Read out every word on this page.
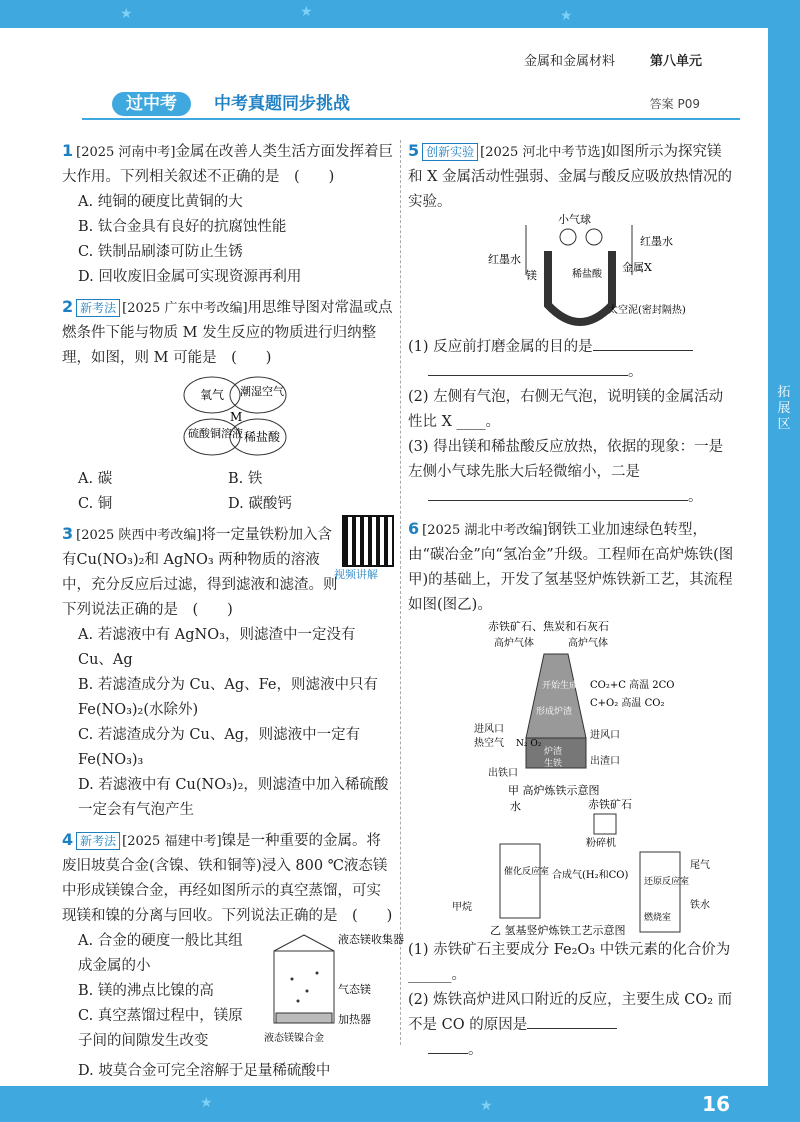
★	★	★
★	★
金属和金属材料	第八单元
过中考	中考真题同步挑战	答案 P09
拓展区
1 [2025 河南中考]金属在改善人类生活方面发挥着巨大作用。下列相关叙述不正确的是　(　　)
A. 纯铜的硬度比黄铜的大
B. 钛合金具有良好的抗腐蚀性能
C. 铁制品刷漆可防止生锈
D. 回收废旧金属可实现资源再利用
2 新考法 [2025 广东中考改编]用思维导图对常温或点燃条件下能与物质 M 发生反应的物质进行归纳整理，如图，则 M 可能是　(　　)
氧气 潮湿空气
硫酸铜溶液 稀盐酸
M
A. 碳	B. 铁
C. 铜	D. 碳酸钙
3 [2025 陕西中考改编]将一定量铁粉加入含有Cu(NO₃)₂和 AgNO₃ 两种物质的溶液中，充分反应后过滤，得到滤液和滤渣。则下列说法正确的是　(　　)
A. 若滤液中有 AgNO₃，则滤渣中一定没有 Cu、Ag
B. 若滤渣成分为 Cu、Ag、Fe，则滤液中只有 Fe(NO₃)₂(水除外)
C. 若滤渣成分为 Cu、Ag，则滤液中一定有Fe(NO₃)₃
D. 若滤液中有 Cu(NO₃)₂，则滤渣中加入稀硫酸一定会有气泡产生
4 新考法 [2025 福建中考]镍是一种重要的金属。将废旧坡莫合金(含镍、铁和铜等)浸入 800 ℃液态镁中形成镁镍合金，再经如图所示的真空蒸馏，可实现镁和镍的分离与回收。下列说法正确的是　(　　)
A. 合金的硬度一般比其组成金属的小
B. 镁的沸点比镍的高
C. 真空蒸馏过程中，镁原子间的间隙发生改变
液态镁收集器
气态镁
加热器
液态镁镍合金
D. 坡莫合金可完全溶解于足量稀硫酸中
视频讲解
5 创新实验 [2025 河北中考节选]如图所示为探究镁和 X 金属活动性强弱、金属与酸反应吸放热情况的实验。
小气球
红墨水
红墨水
镁	稀盐酸
金属X
太空泥(密封隔热)
(1) 反应前打磨金属的目的是
。
(2) 左侧有气泡，右侧无气泡，说明镁的金属活动性比 X ____。
(3) 得出镁和稀盐酸反应放热，依据的现象：一是左侧小气球先胀大后轻微缩小，二是
。
6 [2025 湖北中考改编]钢铁工业加速绿色转型，由“碳冶金”向“氢冶金”升级。工程师在高炉炼铁(图甲)的基础上，开发了氢基竖炉炼铁新工艺，其流程如图(图乙)。
赤铁矿石、焦炭和石灰石
高炉气体	高炉气体
开始生成生铁
形成炉渣
CO₂+C 高温 2CO
C+O₂ 高温 CO₂
进风口
热空气 N₂ O₂
进风口
炉渣
生铁
出铁口
出渣口
甲 高炉炼铁示意图
水	赤铁矿石
粉碎机
催化反应室 合成气(H₂和CO)
还原反应室
燃烧室
尾气
铁水
甲烷
乙 氢基竖炉炼铁工艺示意图
(1) 赤铁矿石主要成分 Fe₂O₃ 中铁元素的化合价为______。
(2) 炼铁高炉进风口附近的反应，主要生成 CO₂ 而不是 CO 的原因是
。
16
